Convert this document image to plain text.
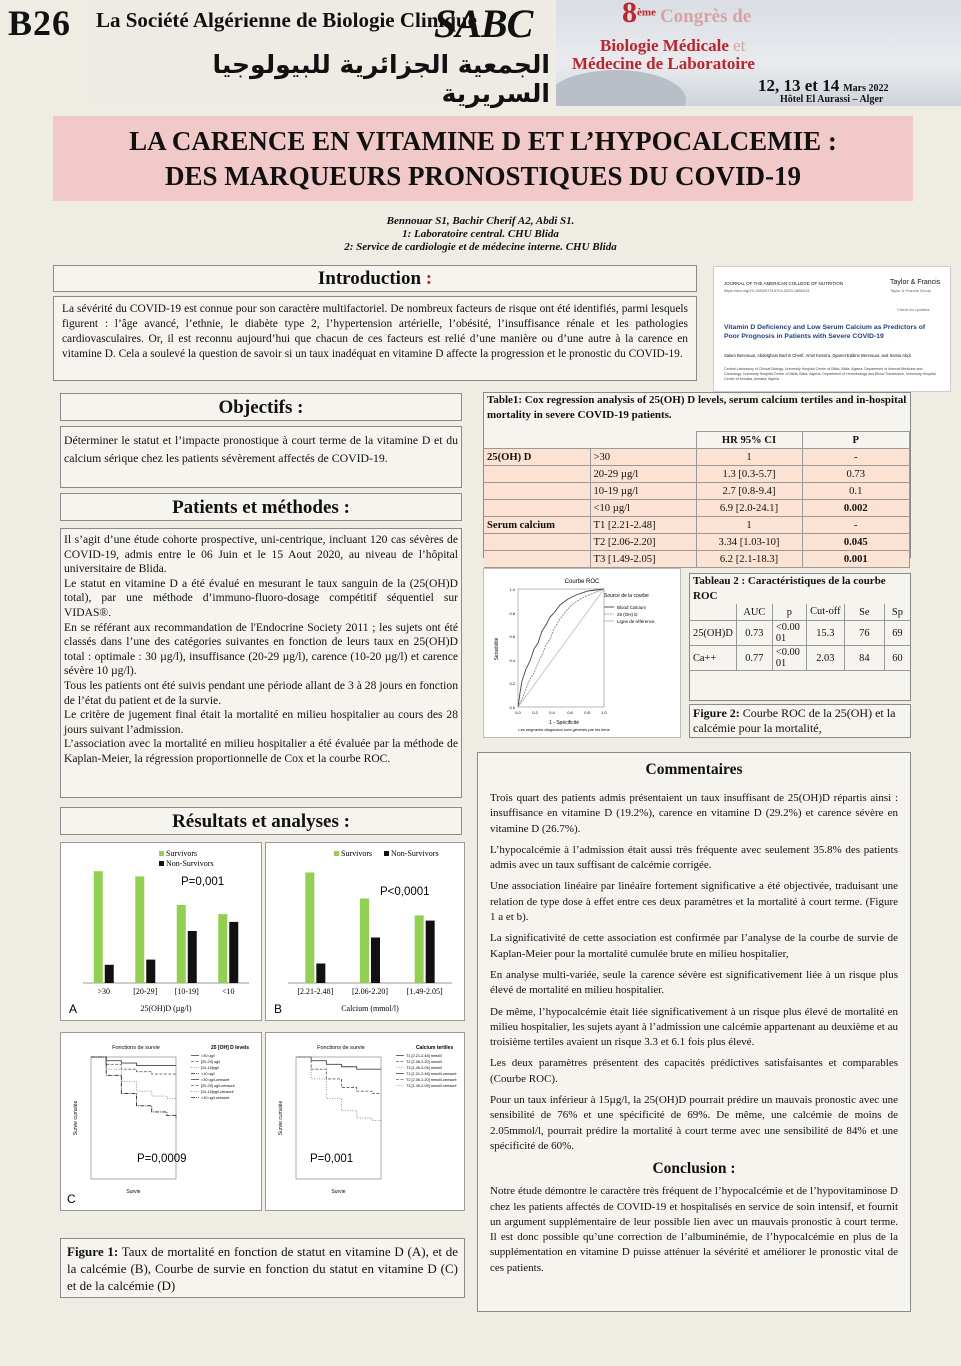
B26 La Société Algérienne de Biologie Clinique
SABC
الجمعية الجزائرية للبيولوجيا السريرية
8ème Congrès de
Biologie Médicale et
Médecine de Laboratoire
12, 13 et 14 Mars 2022
Hôtel El Aurassi – Alger
LA CARENCE EN VITAMINE D ET L’HYPOCALCEMIE :
DES MARQUEURS PRONOSTIQUES DU COVID-19
Bennouar S1, Bachir Cherif A2, Abdi S1.
1: Laboratoire central. CHU Blida
2: Service de cardiologie et de médecine interne. CHU Blida
Introduction :

La sévérité du COVID-19 est connue pour son caractère multifactoriel. De nombreux facteurs de risque ont été identifiés, parmi lesquels figurent : l’âge avancé, l’ethnie, le diabète type 2, l’hypertension artérielle, l’obésité, l’insuffisance rénale et les pathologies cardiovasculaires. Or, il est reconnu aujourd’hui que chacun de ces facteurs est relié d’une manière ou d’une autre à la carence en vitamine D. Cela a soulevé la question de savoir si un taux inadéquat en vitamine D affecte la progression et le pronostic du COVID-19.

JOURNAL OF THE AMERICAN COLLEGE OF NUTRITION
https://doi.org/10.1080/07315724.2020.1856013
Taylor & Francis
Taylor & Francis Group
Check for updates
Vitamin D Deficiency and Low Serum Calcium as Predictors of Poor Prognosis in Patients with Severe COVID-19
Salam Bennouar, Abdelghani Bachir Cherif, Amel Kessira, Djamel-Eddine Bennouar, and Samia Abdi
Central Laboratory of Clinical Biology, University Hospital Center of Blida, Blida, Algeria; Department of Internal Medicine and Cardiology, University Hospital Center of Blida, Blida, Algeria; Department of Hemobiology and Blood Transfusion, University Hospital Center of Annaba, Annaba, Algeria
Objectifs :

Déterminer le statut et l’impacte pronostique à court terme de la vitamine D et du calcium sérique chez les patients sévèrement affectés de COVID-19.

Patients et méthodes :

Il s’agit d’une étude cohorte prospective, uni-centrique, incluant 120 cas sévères de COVID-19, admis entre le 06 Juin et le 15 Aout 2020, au niveau de l’hôpital universitaire de Blida.

Le statut en vitamine D a été évalué en mesurant le taux sanguin de la (25(OH)D total), par une méthode d’immuno-fluoro-dosage compétitif séquentiel sur VIDAS®.

En se référant aux recommandation de l'Endocrine Society 2011 ; les sujets ont été classés dans l’une des catégories suivantes en fonction de leurs taux en 25(OH)D total : optimale : 30 µg/l), insuffisance (20-29 µg/l), carence (10-20 µg/l) et carence sévère 10 µg/l).

Tous les patients ont été suivis pendant une période allant de 3 à 28 jours en fonction de l’état du patient et de la survie.

Le critère de jugement final était la mortalité en milieu hospitalier au cours des 28 jours suivant l’admission.

L’association avec la mortalité en milieu hospitalier a été évaluée par la méthode de Kaplan-Meier, la régression proportionnelle de Cox et la courbe ROC.

Table1: Cox regression analysis of 25(OH) D levels, serum calcium tertiles and in-hospital mortality in severe COVID-19 patients.
		HR 95% CI	P
25(OH) D	>30	1	-
	20-29 µg/l	1.3 [0.3-5.7]	0.73
	10-19 µg/l	2.7 [0.8-9.4]	0.1
	<10 µg/l	6.9 [2.0-24.1]	0.002
Serum calcium	T1 [2.21-2.48]	1	-
	T2 [2.06-2.20]	3.34 [1.03-10]	0.045
	T3 [1.49-2.05]	6.2 [2.1-18.3]	0.001
Courbe ROC
Sensibilité
1 - Spécificité
Source de la courbe
Blood Calcium
25 (OH) D
Ligne de référence
0.0
0.2
0.4
0.6
0.8
1.0
0.0	0.2	0.4	0.6	0.8	1.0
Les segments diagonaux sont générés par les liens
Tableau 2 : Caractéristiques de la courbe ROC
	AUC	p	Cut-off	Se	Sp
25(OH)D	0.73	<0.0001	15.3	76	69
Ca++	0.77	<0.0001	2.03	84	60
Figure 2: Courbe ROC de la 25(OH) et la calcémie pour la mortalité,
Résultats et analyses :
>30	[20-29] [10-19]	<10
Survivors
Non-Survivors
P=0,001
A	25(OH)D (µg/l)
[2.21-2.48] [2.06-2.20] [1.49-2.05]
Survivors Non-Survivors
P<0,0001
B	Calcium (mmol/l)
Fonctions de survie
Survie cumulée
Survie
25 [OH] D levels
>30 ug/l
[20-29] ug/l
[10-19]ug/l
<10 ug/l
>30 ug/l-censuré
[20-29] ug/l-censuré
[10-19]ug/l-censuré
<10 ug/l-censuré
P=0,0009
C
Fonctions de survie
Survie cumulée
Survie
Calcium tertiles
T1 [2.21-2.48] mmol/l
T2 [2.06-2.20] mmol/l
T3 [1.49-2.05] mmol/l
T1 [2.21-2.48] mmol/l-censuré
T2 [2.06-2.20] mmol/l-censuré
T3 [1.49-2.05] mmol/l-censuré
P=0,001
Figure 1: Taux de mortalité en fonction de statut en vitamine D (A), et de la calcémie (B), Courbe de survie en fonction du statut en vitamine D (C) et de la calcémie (D)
Commentaires

Trois quart des patients admis présentaient un taux insuffisant de 25(OH)D répartis ainsi : insuffisance en vitamine D (19.2%), carence en vitamine D (29.2%) et carence sévère en vitamine D (26.7%).

L’hypocalcémie à l’admission était aussi très fréquente avec seulement 35.8% des patients admis avec un taux suffisant de calcémie corrigée.

Une association linéaire par linéaire fortement significative a été objectivée, traduisant une relation de type dose à effet entre ces deux paramètres et la mortalité à court terme. (Figure 1 a et b).

La significativité de cette association est confirmée par l’analyse de la courbe de survie de Kaplan-Meier pour la mortalité cumulée brute en milieu hospitalier,

En analyse multi-variée, seule la carence sévère est significativement liée à un risque plus élevé de mortalité en milieu hospitalier.

De même, l’hypocalcémie était liée significativement à un risque plus élevé de mortalité en milieu hospitalier, les sujets ayant à l’admission une calcémie appartenant au deuxième et au troisième tertiles avaient un risque 3.3 et 6.1 fois plus élevé.

Les deux paramètres présentent des capacités prédictives satisfaisantes et comparables (Courbe ROC).

Pour un taux inférieur à 15µg/l, la 25(OH)D pourrait prédire un mauvais pronostic avec une sensibilité de 76% et une spécificité de 69%. De même, une calcémie de moins de 2.05mmol/l, pourrait prédire la mortalité à court terme avec une sensibilité de 84% et une spécificité de 60%.

Conclusion :

Notre étude démontre le caractère très fréquent de l’hypocalcémie et de l’hypovitaminose D chez les patients affectés de COVID-19 et hospitalisés en service de soin intensif, et fournit un argument supplémentaire de leur possible lien avec un mauvais pronostic à court terme. Il est donc possible qu’une correction de l’albuminémie, de l’hypocalcémie en plus de la supplémentation en vitamine D puisse atténuer la sévérité et améliorer le pronostic vital de ces patients.
